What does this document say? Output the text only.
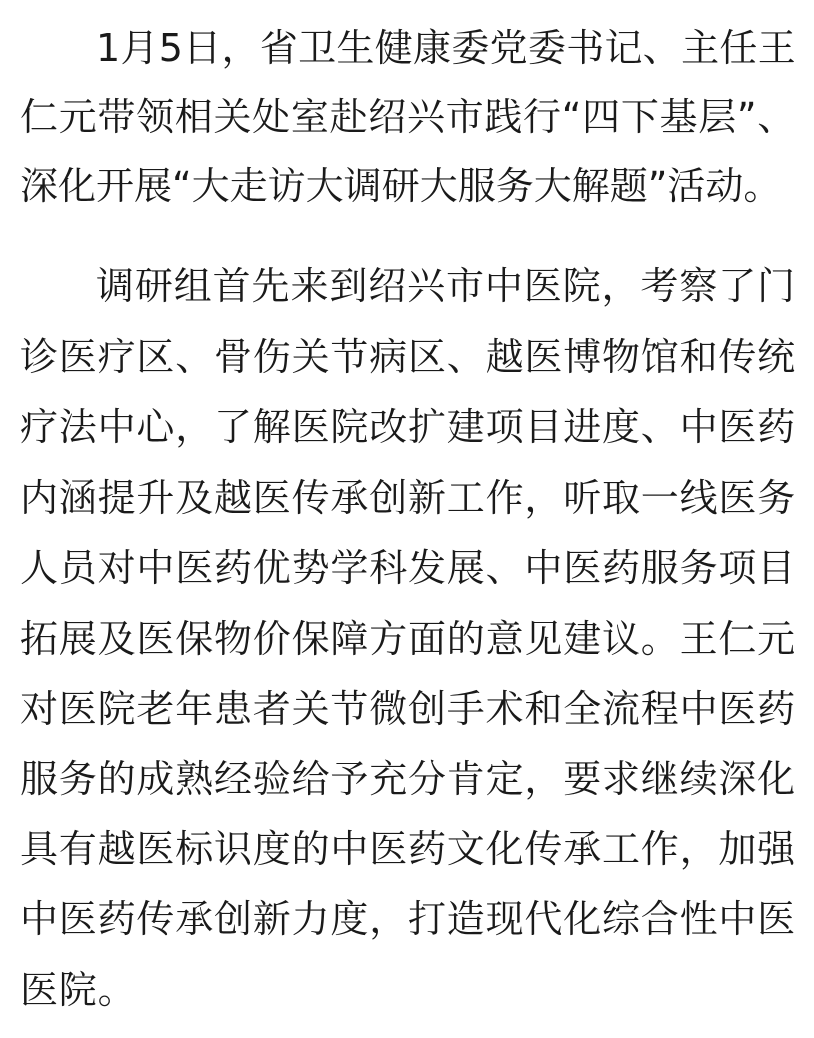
1月5日，省卫生健康委党委书记、主任王

仁元带领相关处室赴绍兴市践行“四下基层”、

深化开展“大走访大调研大服务大解题”活动。

调研组首先来到绍兴市中医院，考察了门

诊医疗区、骨伤关节病区、越医博物馆和传统

疗法中心，了解医院改扩建项目进度、中医药

内涵提升及越医传承创新工作，听取一线医务

人员对中医药优势学科发展、中医药服务项目

拓展及医保物价保障方面的意见建议。王仁元

对医院老年患者关节微创手术和全流程中医药

服务的成熟经验给予充分肯定，要求继续深化

具有越医标识度的中医药文化传承工作，加强

中医药传承创新力度，打造现代化综合性中医

医院。
